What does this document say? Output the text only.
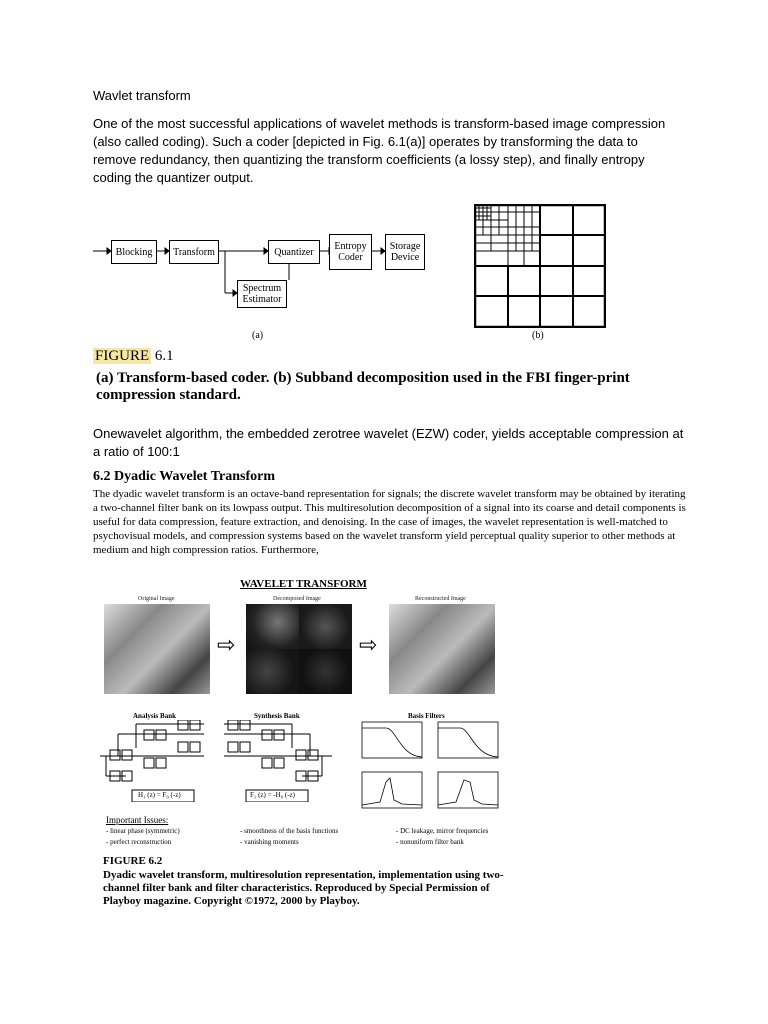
Wavlet transform
One of the most successful applications of wavelet methods is transform-based image compression (also called coding). Such a coder [depicted in Fig. 6.1(a)] operates by transforming the data to remove redundancy, then quantizing the transform coefficients (a lossy step), and finally entropy coding the quantizer output.
Blocking	Transform	Quantizer	Entropy Coder
Storage Device
Spectrum Estimator
(a)	(b)
FIGURE 6.1
(a) Transform-based coder. (b) Subband decomposition used in the FBI finger-print compression standard.
Onewavelet algorithm, the embedded zerotree wavelet (EZW) coder, yields acceptable compression at a ratio of 100:1
6.2 Dyadic Wavelet Transform
The dyadic wavelet transform is an octave-band representation for signals; the discrete wavelet transform may be obtained by iterating a two-channel filter bank on its lowpass output. This multiresolution decomposition of a signal into its coarse and detail components is useful for data compression, feature extraction, and denoising. In the case of images, the wavelet representation is well-matched to psychovisual models, and compression systems based on the wavelet transform yield perceptual quality superior to other methods at medium and high compression ratios. Furthermore,
WAVELET TRANSFORM
Original Image	Decomposed Image	Reconstructed Image
⇨	⇨
Analysis Bank	Synthesis Bank	Basis Filters
H₁ (z) = F₀ (-z)	F₁ (z) = -H₀ (-z)
Important Issues:
- linear phase (symmetric)
- perfect reconstruction
- smoothness of the basis functions
- vanishing moments
- DC leakage, mirror frequencies
- nonuniform filter bank
FIGURE 6.2
Dyadic wavelet transform, multiresolution representation, implementation using two-channel filter bank and filter characteristics. Reproduced by Special Permission of Playboy magazine. Copyright ©1972, 2000 by Playboy.
